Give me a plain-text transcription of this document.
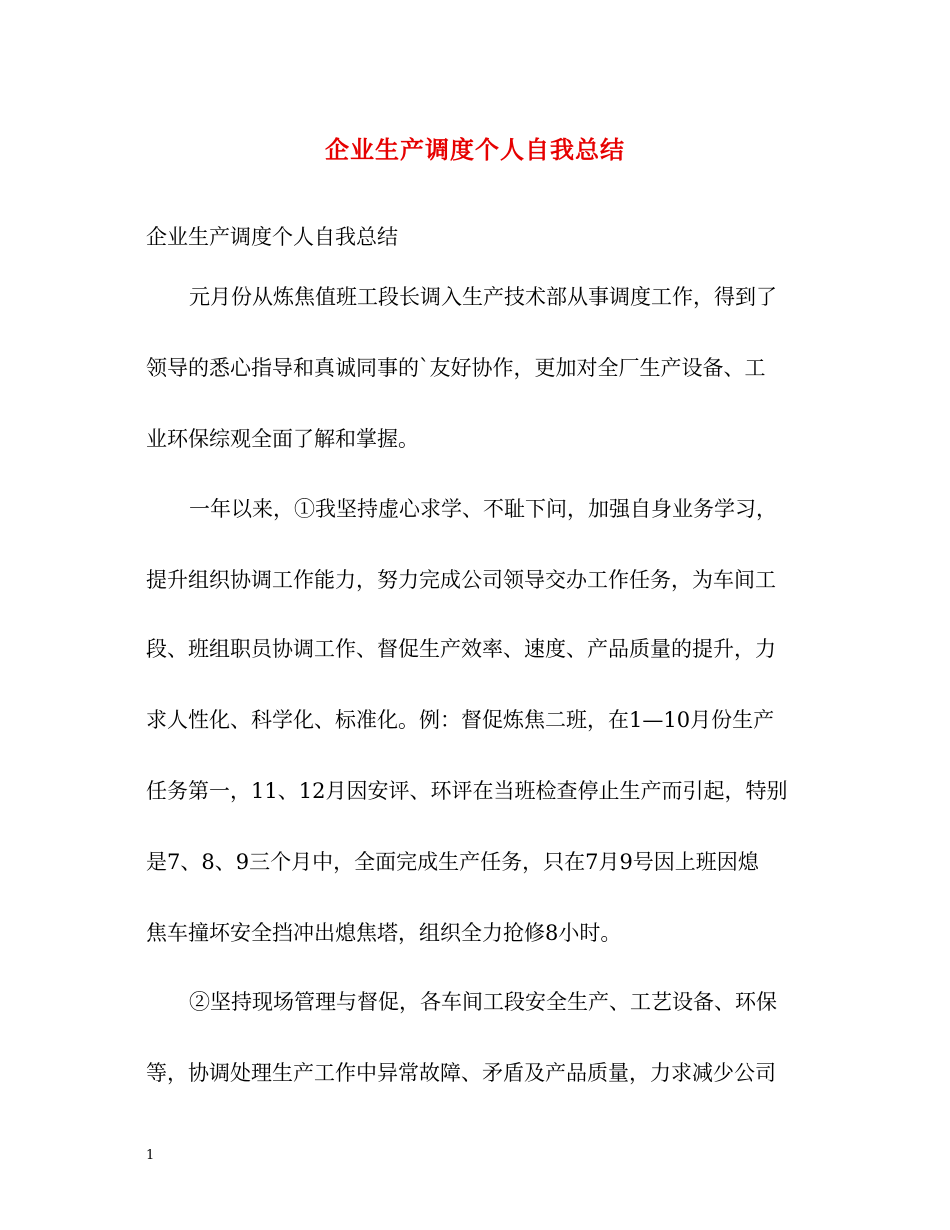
企业生产调度个人自我总结
企业生产调度个人自我总结
元月份从炼焦值班工段长调入生产技术部从事调度工作，得到了
领导的悉心指导和真诚同事的`友好协作，更加对全厂生产设备、工
业环保综观全面了解和掌握。
一年以来，①我坚持虚心求学、不耻下问，加强自身业务学习，
提升组织协调工作能力，努力完成公司领导交办工作任务，为车间工
段、班组职员协调工作、督促生产效率、速度、产品质量的提升，力
求人性化、科学化、标准化。例：督促炼焦二班，在1—10月份生产
任务第一，11、12月因安评、环评在当班检查停止生产而引起，特别
是7、8、9三个月中，全面完成生产任务，只在7月9号因上班因熄
焦车撞坏安全挡冲出熄焦塔，组织全力抢修8小时。
②坚持现场管理与督促，各车间工段安全生产、工艺设备、环保
等，协调处理生产工作中异常故障、矛盾及产品质量，力求减少公司
1
